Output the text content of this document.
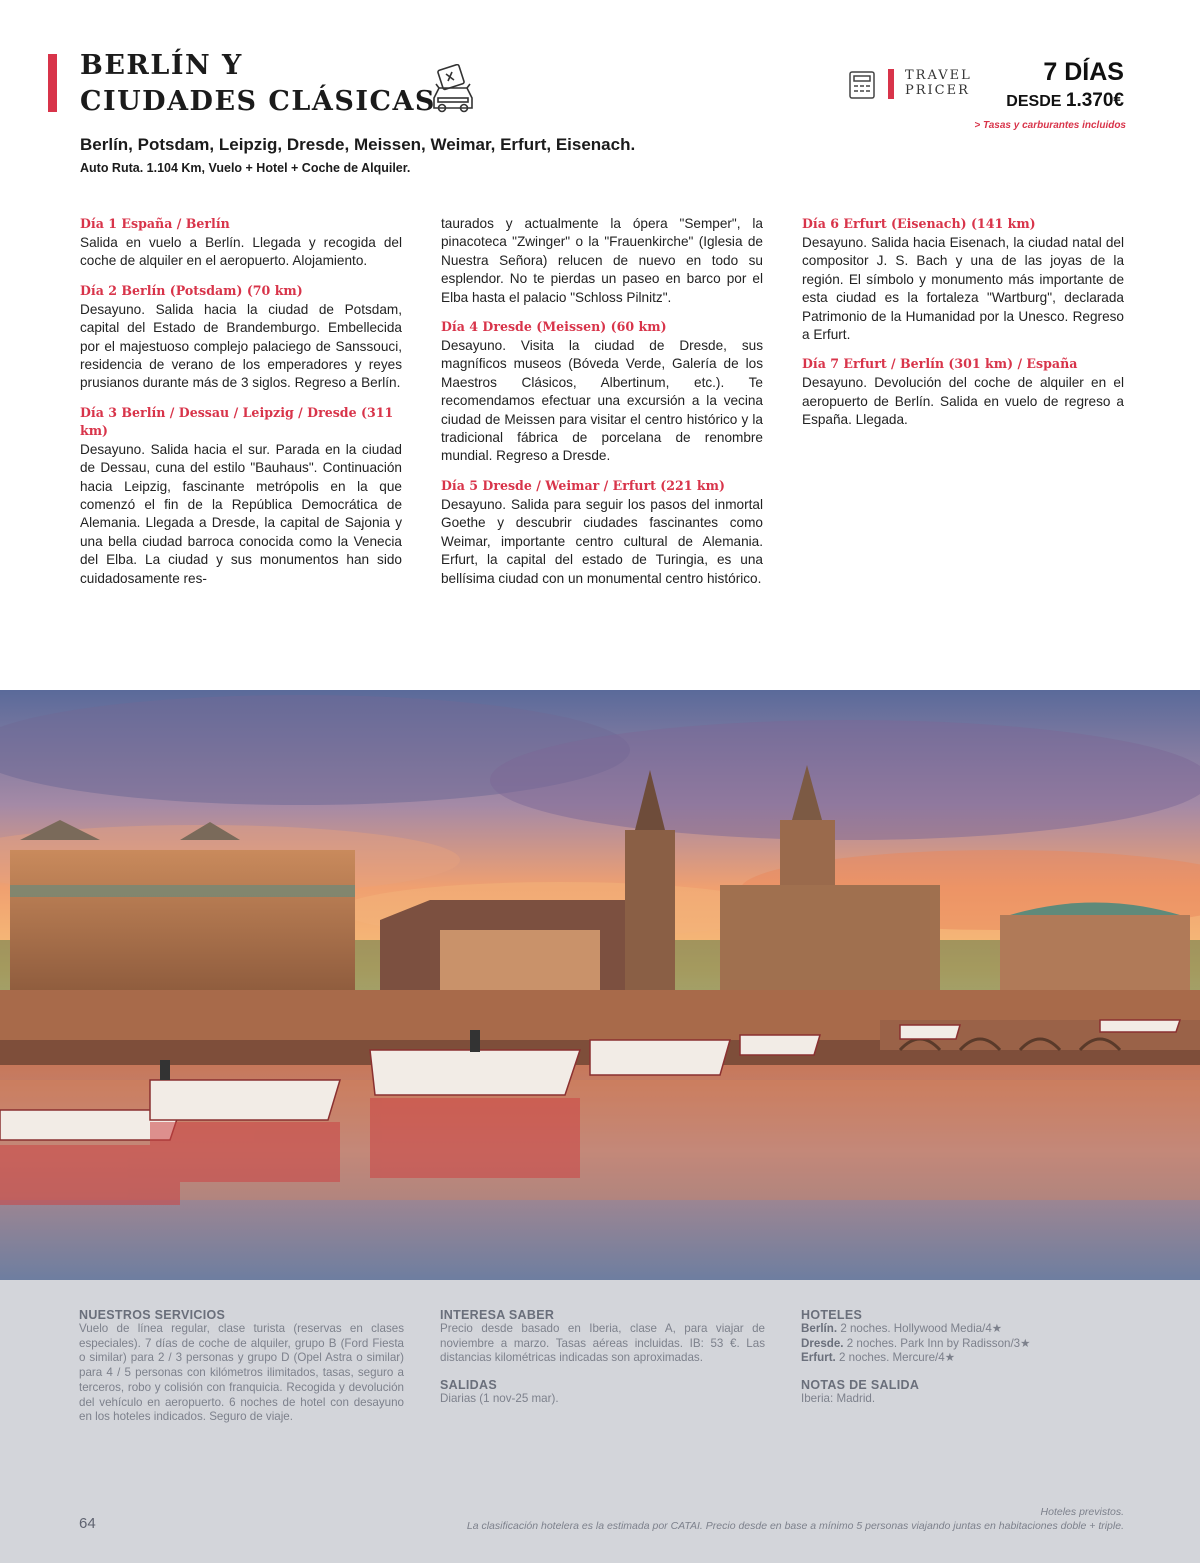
BERLÍN Y
CIUDADES CLÁSICAS
Berlín, Potsdam, Leipzig, Dresde, Meissen, Weimar, Erfurt, Eisenach.
Auto Ruta. 1.104 Km, Vuelo + Hotel + Coche de Alquiler.
TRAVEL
PRICER
7 DÍAS
DESDE 1.370€
> Tasas y carburantes incluidos
Día 1 España / Berlín

Salida en vuelo a Berlín. Llegada y recogida del coche de alquiler en el aeropuerto. Alojamiento.

Día 2 Berlín (Potsdam) (70 km)

Desayuno. Salida hacia la ciudad de Potsdam, capital del Estado de Brandemburgo. Embellecida por el majestuoso complejo palaciego de Sanssouci, residencia de verano de los emperadores y reyes prusianos durante más de 3 siglos. Regreso a Berlín.

Día 3 Berlín / Dessau / Leipzig / Dresde (311 km)

Desayuno. Salida hacia el sur. Parada en la ciudad de Dessau, cuna del estilo "Bauhaus". Continuación hacia Leipzig, fascinante metrópolis en la que comenzó el fin de la República Democrática de Alemania. Llegada a Dresde, la capital de Sajonia y una bella ciudad barroca conocida como la Venecia del Elba. La ciudad y sus monumentos han sido cuidadosamente res-

taurados y actualmente la ópera "Semper", la pinacoteca "Zwinger" o la "Frauenkirche" (Iglesia de Nuestra Señora) relucen de nuevo en todo su esplendor. No te pierdas un paseo en barco por el Elba hasta el palacio "Schloss Pilnitz".

Día 4 Dresde (Meissen) (60 km)

Desayuno. Visita la ciudad de Dresde, sus magníficos museos (Bóveda Verde, Galería de los Maestros Clásicos, Albertinum, etc.). Te recomendamos efectuar una excursión a la vecina ciudad de Meissen para visitar el centro histórico y la tradicional fábrica de porcelana de renombre mundial. Regreso a Dresde.

Día 5 Dresde / Weimar / Erfurt (221 km)

Desayuno. Salida para seguir los pasos del inmortal Goethe y descubrir ciudades fascinantes como Weimar, importante centro cultural de Alemania. Erfurt, la capital del estado de Turingia, es una bellísima ciudad con un monumental centro histórico.

Día 6 Erfurt (Eisenach) (141 km)

Desayuno. Salida hacia Eisenach, la ciudad natal del compositor J. S. Bach y una de las joyas de la región. El símbolo y monumento más importante de esta ciudad es la fortaleza "Wartburg", declarada Patrimonio de la Humanidad por la Unesco. Regreso a Erfurt.

Día 7 Erfurt / Berlín (301 km) / España

Desayuno. Devolución del coche de alquiler en el aeropuerto de Berlín. Salida en vuelo de regreso a España. Llegada.

NUESTROS SERVICIOS

Vuelo de línea regular, clase turista (reservas en clases especiales). 7 días de coche de alquiler, grupo B (Ford Fiesta o similar) para 2 / 3 personas y grupo D (Opel Astra o similar) para 4 / 5 personas con kilómetros ilimitados, tasas, seguro a terceros, robo y colisión con franquicia. Recogida y devolución del vehículo en aeropuerto. 6 noches de hotel con desayuno en los hoteles indicados. Seguro de viaje.

INTERESA SABER

Precio desde basado en Iberia, clase A, para viajar de noviembre a marzo. Tasas aéreas incluidas. IB: 53 €. Las distancias kilométricas indicadas son aproximadas.

SALIDAS

Diarias (1 nov-25 mar).

HOTELES

Berlín. 2 noches. Hollywood Media/4★

Dresde. 2 noches. Park Inn by Radisson/3★

Erfurt. 2 noches. Mercure/4★

NOTAS DE SALIDA

Iberia: Madrid.

64
Hoteles previstos.
La clasificación hotelera es la estimada por CATAI. Precio desde en base a mínimo 5 personas viajando juntas en habitaciones doble + triple.
